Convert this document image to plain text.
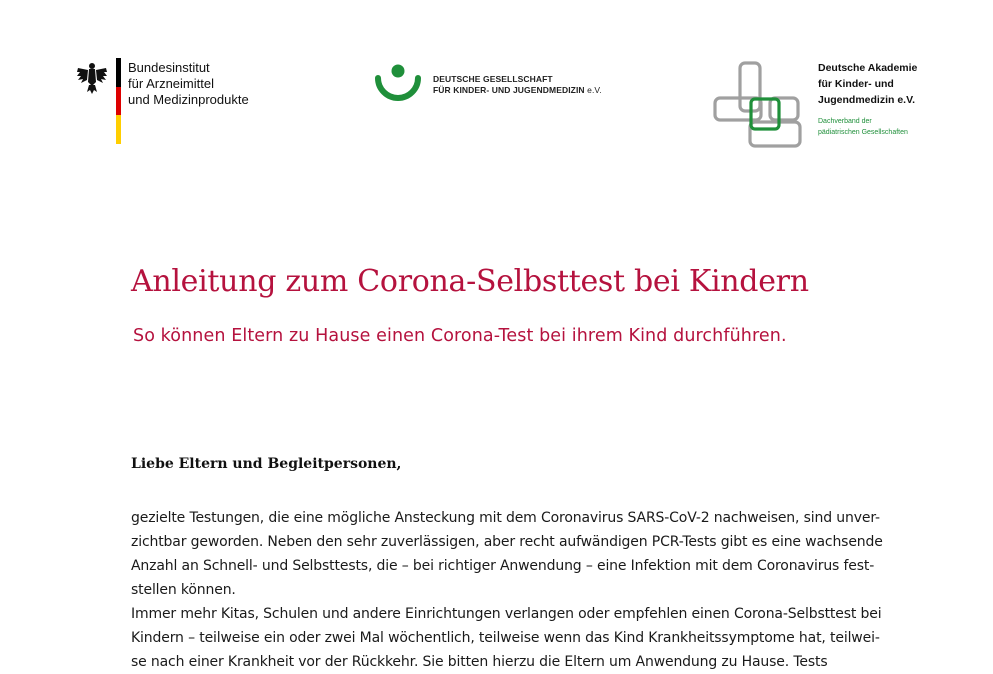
Bundesinstitut
für Arzneimittel
und Medizinprodukte
DEUTSCHE GESELLSCHAFT
FÜR KINDER- UND JUGENDMEDIZIN e.V.
Deutsche Akademie
für Kinder- und
Jugendmedizin e.V.
Dachverband der
pädiatrischen Gesellschaften
Anleitung zum Corona-Selbsttest bei Kindern
So können Eltern zu Hause einen Corona-Test bei ihrem Kind durchführen.
Liebe Eltern und Begleitpersonen,
gezielte Testungen, die eine mögliche Ansteckung mit dem Coronavirus SARS-CoV-2 nachweisen, sind unver-
zichtbar geworden. Neben den sehr zuverlässigen, aber recht aufwändigen PCR-Tests gibt es eine wachsende
Anzahl an Schnell- und Selbsttests, die – bei richtiger Anwendung – eine Infektion mit dem Coronavirus fest-
stellen können.
Immer mehr Kitas, Schulen und andere Einrichtungen verlangen oder empfehlen einen Corona-Selbsttest bei
Kindern – teilweise ein oder zwei Mal wöchentlich, teilweise wenn das Kind Krankheitssymptome hat, teilwei-
se nach einer Krankheit vor der Rückkehr. Sie bitten hierzu die Eltern um Anwendung zu Hause. Tests
